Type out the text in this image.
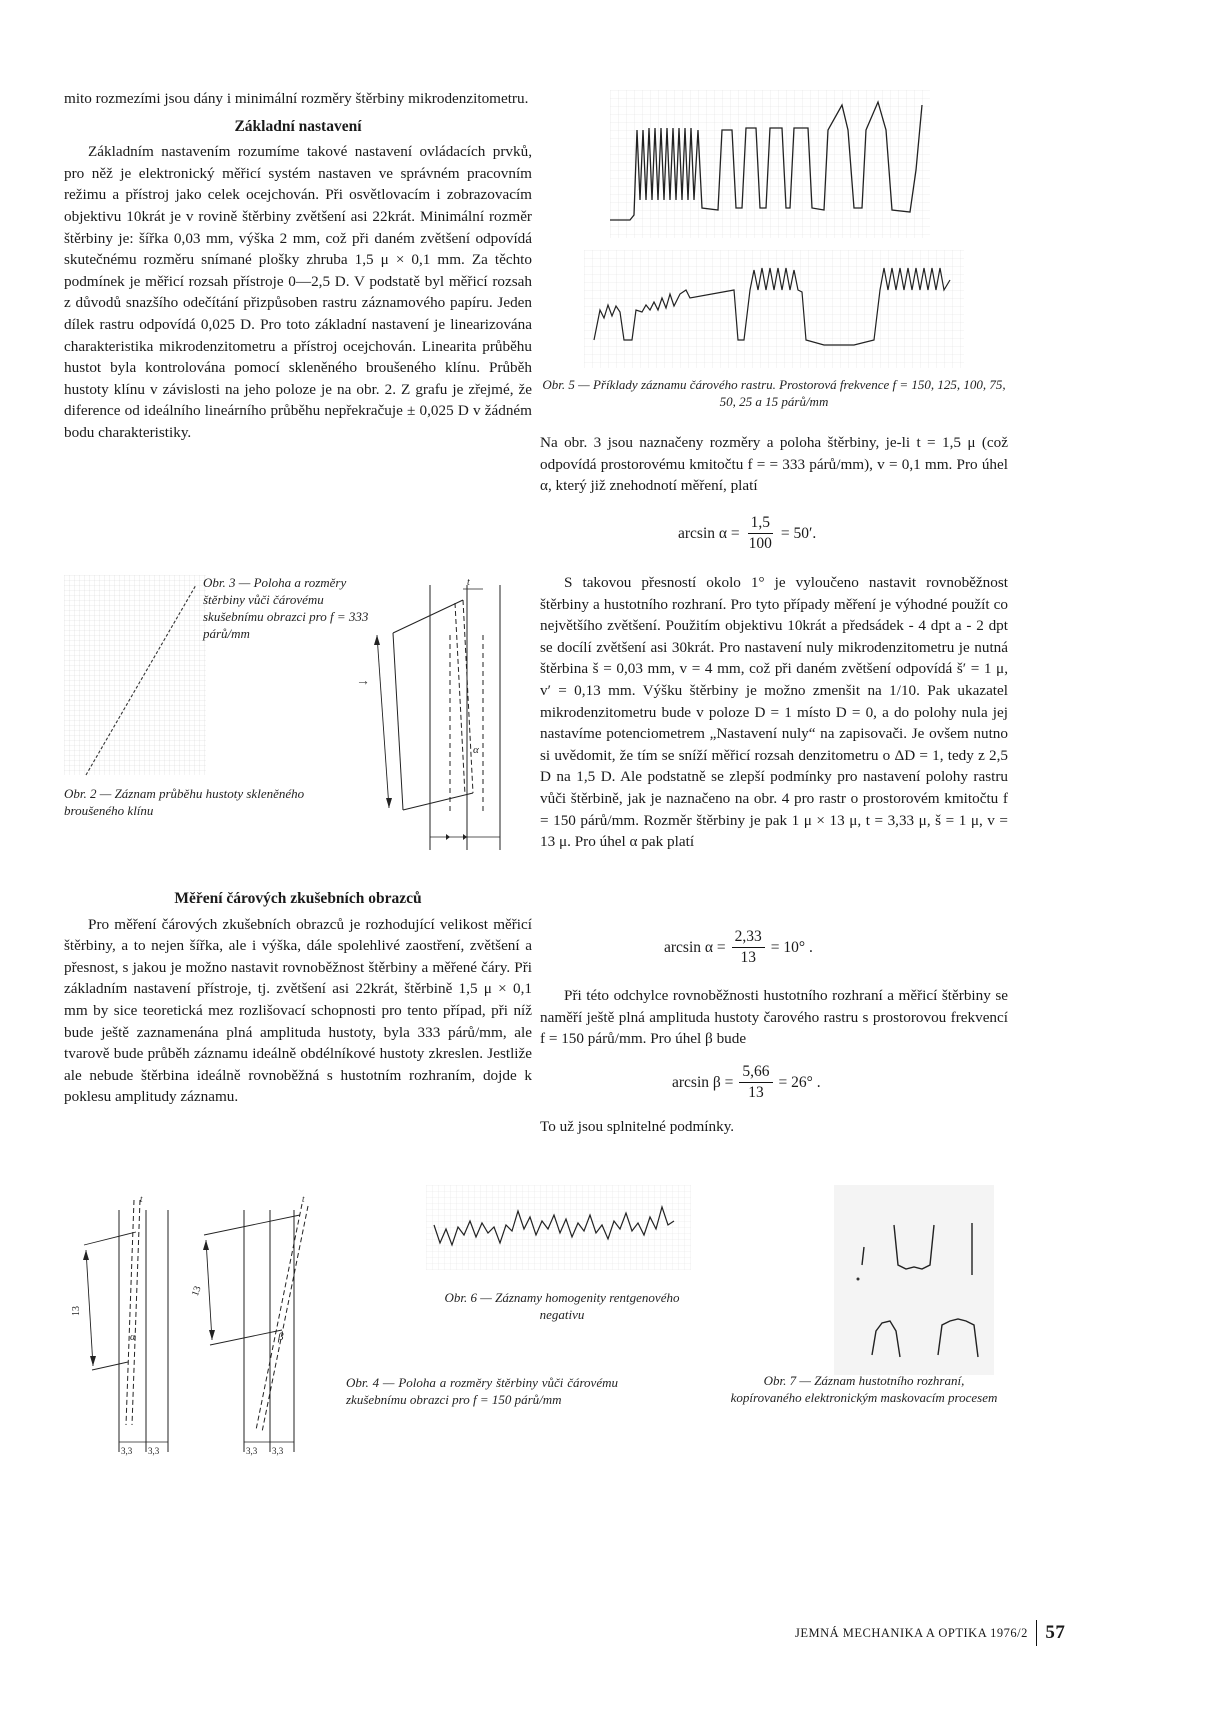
mito rozmezími jsou dány i minimální rozměry štěrbiny mikrodenzitometru.

Základní nastavení

Základním nastavením rozumíme takové nastavení ovládacích prvků, pro něž je elektronický měřicí systém nastaven ve správném pracovním režimu a přístroj jako celek ocejchován. Při osvětlovacím i zobrazovacím objektivu 10krát je v rovině štěrbiny zvětšení asi 22krát. Minimální rozměr štěrbiny je: šířka 0,03 mm, výška 2 mm, což při daném zvětšení odpovídá skutečnému rozměru snímané plošky zhruba 1,5 μ × 0,1 mm. Za těchto podmínek je měřicí rozsah přístroje 0—2,5 D. V podstatě byl měřicí rozsah z důvodů snazšího odečítání přizpůsoben rastru záznamového papíru. Jeden dílek rastru odpovídá 0,025 D. Pro toto základní nastavení je linearizována charakteristika mikrodenzitometru a přístroj ocejchován. Linearita průběhu hustot byla kontrolována pomocí skleněného broušeného klínu. Průběh hustoty klínu v závislosti na jeho poloze je na obr. 2. Z grafu je zřejmé, že diference od ideálního lineárního průběhu nepřekračuje ± 0,025 D v žádném bodu charakteristiky.

Obr. 2 — Záznam průběhu hustoty skleněného broušeného klínu
Obr. 3 — Poloha a rozměry štěrbiny vůči čárovému skušebnímu obrazci pro f = 333 párů/mm
t
α
→
Měření čárových zkušebních obrazců

Pro měření čárových zkušebních obrazců je rozhodující velikost měřicí štěrbiny, a to nejen šířka, ale i výška, dále spolehlivé zaostření, zvětšení a přesnost, s jakou je možno nastavit rovnoběžnost štěrbiny a měřené čáry. Při základním nastavení přístroje, tj. zvětšení asi 22krát, štěrbině 1,5 μ × 0,1 mm by sice teoretická mez rozlišovací schopnosti pro tento případ, při níž bude ještě zaznamenána plná amplituda hustoty, byla 333 párů/mm, ale tvarově bude průběh záznamu ideálně obdélníkové hustoty zkreslen. Jestliže ale nebude štěrbina ideálně rovnoběžná s hustotním rozhraním, dojde k poklesu amplitudy záznamu.

Obr. 5 — Příklady záznamu čárového rastru. Prostorová frekvence f = 150, 125, 100, 75, 50, 25 a 15 párů/mm

Na obr. 3 jsou naznačeny rozměry a poloha štěrbiny, je-li t = 1,5 μ (což odpovídá prostorovému kmitočtu f = = 333 párů/mm), v = 0,1 mm. Pro úhel α, který již znehodnotí měření, platí

$\arcsin \alpha = \frac{1,5}{100} = 50'$.

S takovou přesností okolo 1° je vyloučeno nastavit rovnoběžnost štěrbiny a hustotního rozhraní. Pro tyto případy měření je výhodné použít co největšího zvětšení. Použitím objektivu 10krát a předsádek - 4 dpt a - 2 dpt se docílí zvětšení asi 30krát. Pro nastavení nuly mikrodenzitometru je nutná štěrbina š = 0,03 mm, v = 4 mm, což při daném zvětšení odpovídá š′ = 1 μ, v′ = 0,13 mm. Výšku štěrbiny je možno zmenšit na 1/10. Pak ukazatel mikrodenzitometru bude v poloze D = 1 místo D = 0, a do polohy nula jej nastavíme potenciometrem „Nastavení nuly“ na zapisovači. Je ovšem nutno si uvědomit, že tím se sníží měřicí rozsah denzitometru o ΔD = 1, tedy z 2,5 D na 1,5 D. Ale podstatně se zlepší podmínky pro nastavení polohy rastru vůči štěrbině, jak je naznačeno na obr. 4 pro rastr o prostorovém kmitočtu f = 150 párů/mm. Rozměr štěrbiny je pak 1 μ × 13 μ, t = 3,33 μ, š = 1 μ, v = 13 μ. Pro úhel α pak platí

$\arcsin \alpha = \frac{2,33}{13} = 10^\circ$ .

Při této odchylce rovnoběžnosti hustotního rozhraní a měřicí štěrbiny se naměří ještě plná amplituda hustoty čarového rastru s prostorovou frekvencí f = 150 párů/mm. Pro úhel β bude

$\arcsin \beta = \frac{5,66}{13} = 26^\circ$ .

To už jsou splnitelné podmínky.

13
α
t
3,3 3,3
13
β
t
3,3 3,3
Obr. 4 — Poloha a rozměry štěrbiny vůči čárovému zkušebnímu obrazci pro f = 150 párů/mm
Obr. 6 — Záznamy homogenity rentgenového negativu
Obr. 7 — Záznam hustotního rozhraní, kopírovaného elektronickým maskovacím procesem
JEMNÁ MECHANIKA A OPTIKA 1976/2 57
